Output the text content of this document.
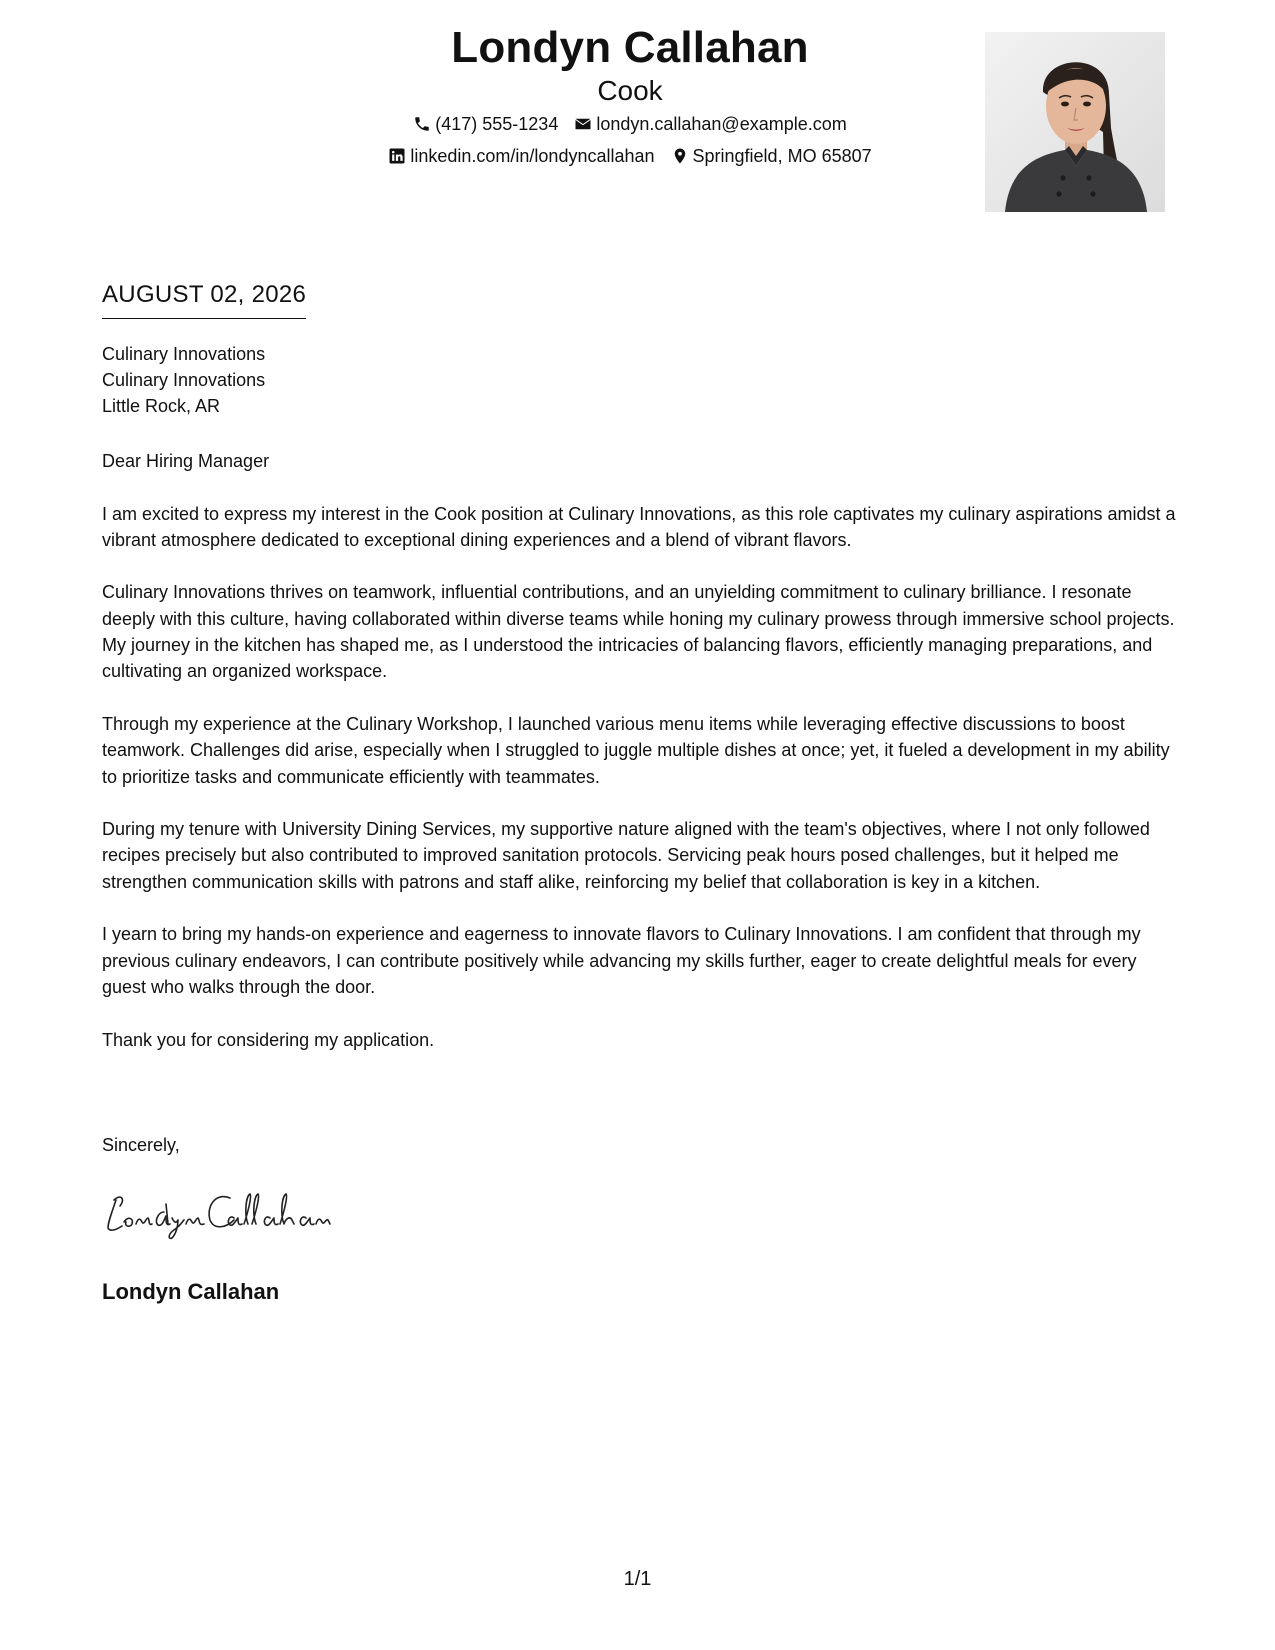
Londyn Callahan
Cook
(417) 555-1234 londyn.callahan@example.com
linkedin.com/in/londyncallahan Springfield, MO 65807
AUGUST 02, 2026
Culinary Innovations
Culinary Innovations
Little Rock, AR

Dear Hiring Manager

I am excited to express my interest in the Cook position at Culinary Innovations, as this role captivates my culinary aspirations amidst a vibrant atmosphere dedicated to exceptional dining experiences and a blend of vibrant flavors.

Culinary Innovations thrives on teamwork, influential contributions, and an unyielding commitment to culinary brilliance. I resonate deeply with this culture, having collaborated within diverse teams while honing my culinary prowess through immersive school projects. My journey in the kitchen has shaped me, as I understood the intricacies of balancing flavors, efficiently managing preparations, and cultivating an organized workspace.

Through my experience at the Culinary Workshop, I launched various menu items while leveraging effective discussions to boost teamwork. Challenges did arise, especially when I struggled to juggle multiple dishes at once; yet, it fueled a development in my ability to prioritize tasks and communicate efficiently with teammates.

During my tenure with University Dining Services, my supportive nature aligned with the team's objectives, where I not only followed recipes precisely but also contributed to improved sanitation protocols. Servicing peak hours posed challenges, but it helped me strengthen communication skills with patrons and staff alike, reinforcing my belief that collaboration is key in a kitchen.

I yearn to bring my hands-on experience and eagerness to innovate flavors to Culinary Innovations. I am confident that through my previous culinary endeavors, I can contribute positively while advancing my skills further, eager to create delightful meals for every guest who walks through the door.

Thank you for considering my application.

Sincerely,
Londyn Callahan
1/1
